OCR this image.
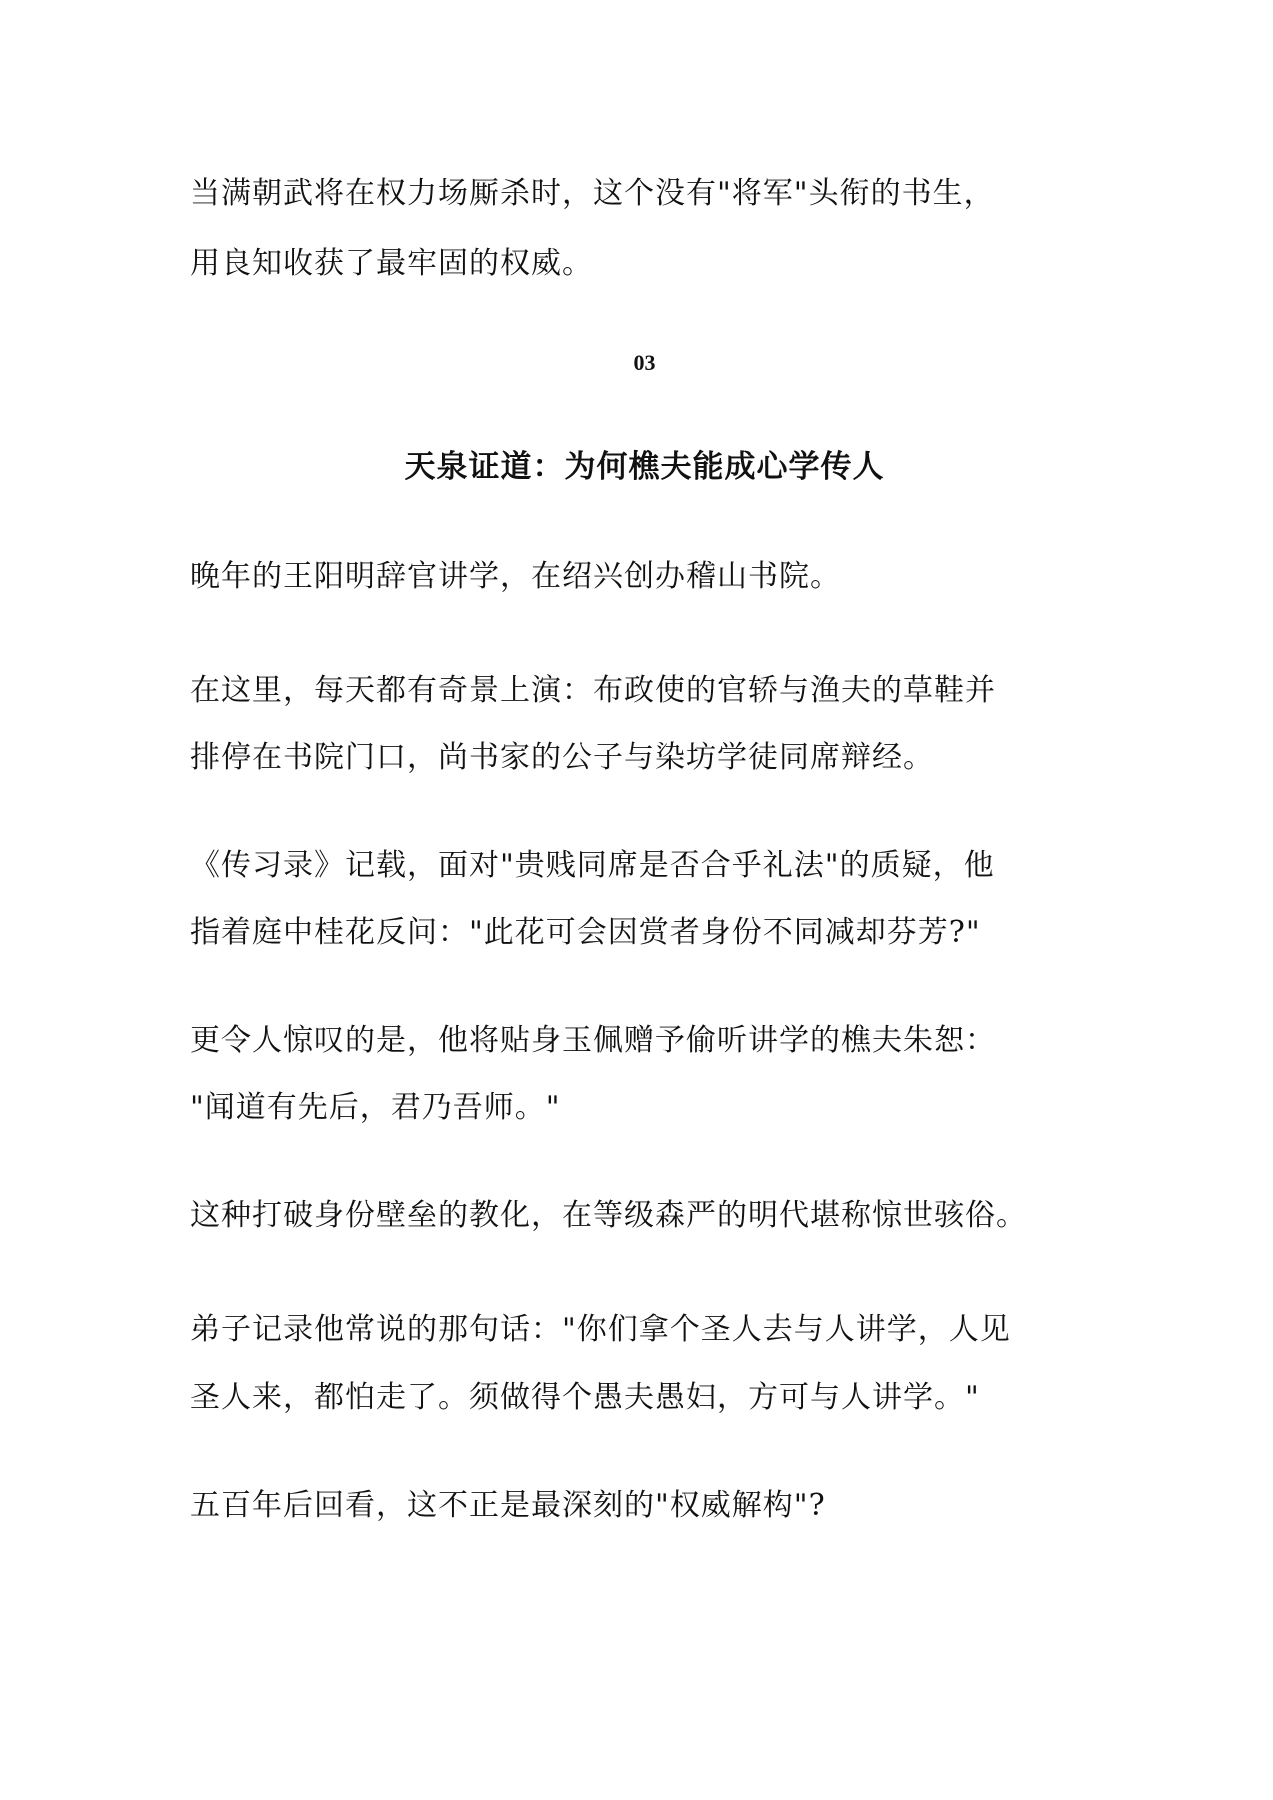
当满朝武将在权力场厮杀时，这个没有"将军"头衔的书生，
用良知收获了最牢固的权威。
03
天泉证道：为何樵夫能成心学传人
晚年的王阳明辞官讲学，在绍兴创办稽山书院。
在这里，每天都有奇景上演：布政使的官轿与渔夫的草鞋并
排停在书院门口，尚书家的公子与染坊学徒同席辩经。
《传习录》记载，面对"贵贱同席是否合乎礼法"的质疑，他
指着庭中桂花反问："此花可会因赏者身份不同减却芬芳?"
更令人惊叹的是，他将贴身玉佩赠予偷听讲学的樵夫朱恕：
"闻道有先后，君乃吾师。"
这种打破身份壁垒的教化，在等级森严的明代堪称惊世骇俗。
弟子记录他常说的那句话："你们拿个圣人去与人讲学，人见
圣人来，都怕走了。须做得个愚夫愚妇，方可与人讲学。"
五百年后回看，这不正是最深刻的"权威解构"?
